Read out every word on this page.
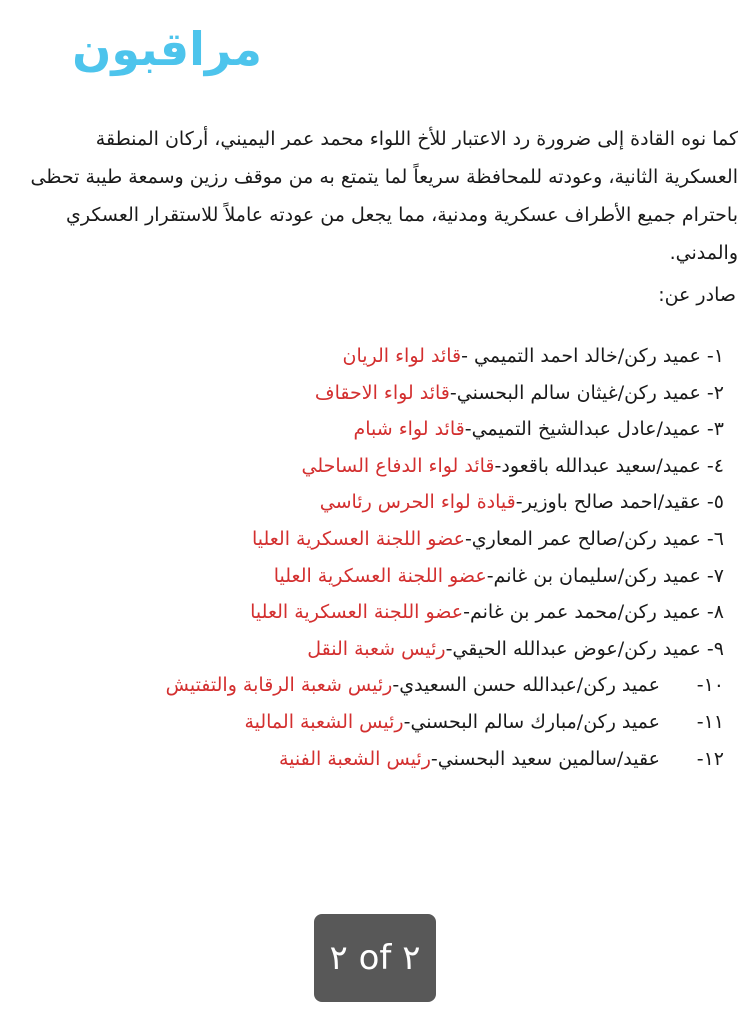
مراقبون
كما نوه القادة إلى ضرورة رد الاعتبار للأخ اللواء محمد عمر اليميني، أركان المنطقة
العسكرية الثانية، وعودته للمحافظة سريعاً لما يتمتع به من موقف رزين وسمعة طيبة تحظى
باحترام جميع الأطراف عسكرية ومدنية، مما يجعل من عودته عاملاً للاستقرار العسكري
والمدني.
صادر عن:
١- عميد ركن/خالد احمد التميمي -قائد لواء الريان
٢- عميد ركن/غيثان سالم البحسني-قائد لواء الاحقاف
٣- عميد/عادل عبدالشيخ التميمي-قائد لواء شبام
٤- عميد/سعيد عبدالله باقعود-قائد لواء الدفاع الساحلي
٥- عقيد/احمد صالح باوزير-قيادة لواء الحرس رئاسي
٦- عميد ركن/صالح عمر المعاري-عضو اللجنة العسكرية العليا
٧- عميد ركن/سليمان بن غانم-عضو اللجنة العسكرية العليا
٨- عميد ركن/محمد عمر بن غانم-عضو اللجنة العسكرية العليا
٩- عميد ركن/عوض عبدالله الحيقي-رئيس شعبة النقل
١٠- عميد ركن/عبدالله حسن السعيدي-رئيس شعبة الرقابة والتفتيش
١١- عميد ركن/مبارك سالم البحسني-رئيس الشعبة المالية
١٢- عقيد/سالمين سعيد البحسني-رئيس الشعبة الفنية
٢ of ٢
